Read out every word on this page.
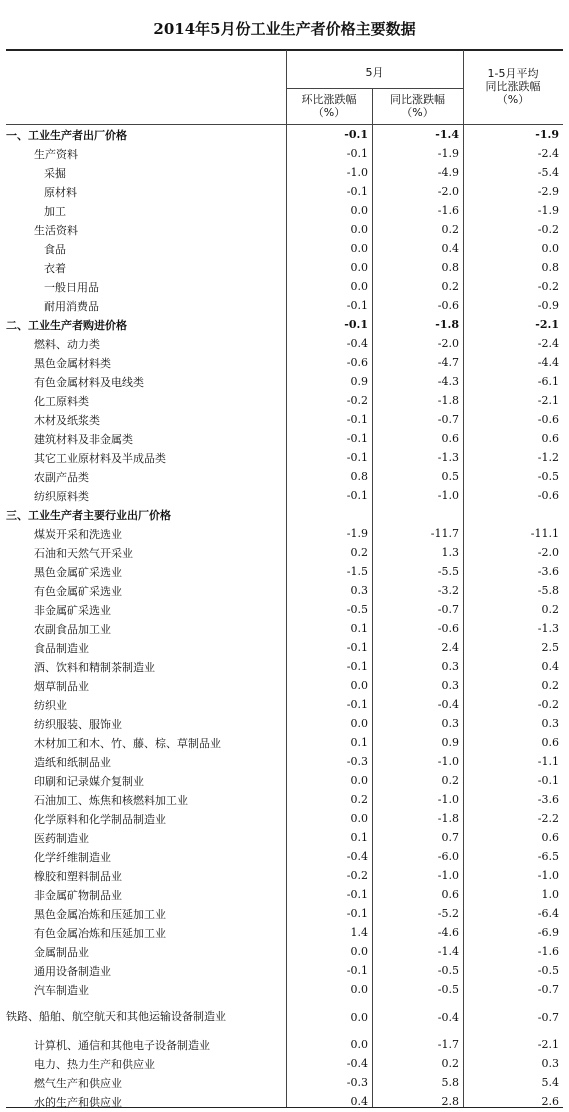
2014年5月份工业生产者价格主要数据
5月
环比涨跌幅
（%）
同比涨跌幅
（%）
1-5月平均
同比涨跌幅
（%）
一、工业生产者出厂价格	-0.1	-1.4	-1.9
生产资料	-0.1	-1.9	-2.4
采掘	-1.0	-4.9	-5.4
原材料	-0.1	-2.0	-2.9
加工	0.0	-1.6	-1.9
生活资料	0.0	0.2	-0.2
食品	0.0	0.4	0.0
衣着	0.0	0.8	0.8
一般日用品	0.0	0.2	-0.2
耐用消费品	-0.1	-0.6	-0.9
二、工业生产者购进价格	-0.1	-1.8	-2.1
燃料、动力类	-0.4	-2.0	-2.4
黑色金属材料类	-0.6	-4.7	-4.4
有色金属材料及电线类	0.9	-4.3	-6.1
化工原料类	-0.2	-1.8	-2.1
木材及纸浆类	-0.1	-0.7	-0.6
建筑材料及非金属类	-0.1	0.6	0.6
其它工业原材料及半成品类	-0.1	-1.3	-1.2
农副产品类	0.8	0.5	-0.5
纺织原料类	-0.1	-1.0	-0.6
三、工业生产者主要行业出厂价格			
煤炭开采和洗选业	-1.9	-11.7	-11.1
石油和天然气开采业	0.2	1.3	-2.0
黑色金属矿采选业	-1.5	-5.5	-3.6
有色金属矿采选业	0.3	-3.2	-5.8
非金属矿采选业	-0.5	-0.7	0.2
农副食品加工业	0.1	-0.6	-1.3
食品制造业	-0.1	2.4	2.5
酒、饮料和精制茶制造业	-0.1	0.3	0.4
烟草制品业	0.0	0.3	0.2
纺织业	-0.1	-0.4	-0.2
纺织服装、服饰业	0.0	0.3	0.3
木材加工和木、竹、藤、棕、草制品业	0.1	0.9	0.6
造纸和纸制品业	-0.3	-1.0	-1.1
印刷和记录媒介复制业	0.0	0.2	-0.1
石油加工、炼焦和核燃料加工业	0.2	-1.0	-3.6
化学原料和化学制品制造业	0.0	-1.8	-2.2
医药制造业	0.1	0.7	0.6
化学纤维制造业	-0.4	-6.0	-6.5
橡胶和塑料制品业	-0.2	-1.0	-1.0
非金属矿物制品业	-0.1	0.6	1.0
黑色金属冶炼和压延加工业	-0.1	-5.2	-6.4
有色金属冶炼和压延加工业	1.4	-4.6	-6.9
金属制品业	0.0	-1.4	-1.6
通用设备制造业	-0.1	-0.5	-0.5
汽车制造业	0.0	-0.5	-0.7
铁路、船舶、航空航天和其他运输设备制造业	0.0	-0.4	-0.7
计算机、通信和其他电子设备制造业	0.0	-1.7	-2.1
电力、热力生产和供应业	-0.4	0.2	0.3
燃气生产和供应业	-0.3	5.8	5.4
水的生产和供应业	0.4	2.8	2.6
